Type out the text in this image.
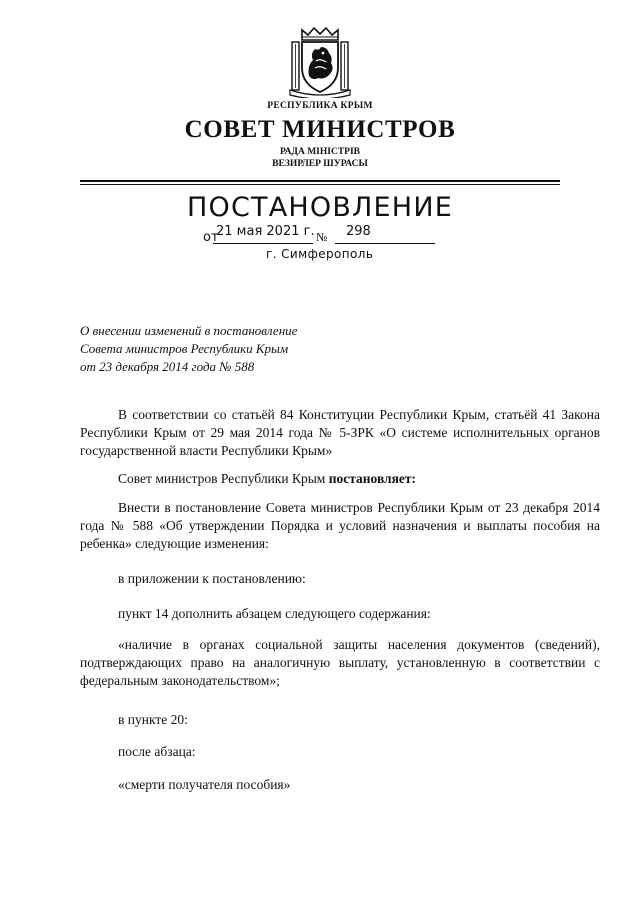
РЕСПУБЛИКА КРЫМ
СОВЕТ МИНИСТРОВ
РАДА МІНІСТРІВ
ВЕЗИРЛЕР ШУРАСЫ
ПОСТАНОВЛЕНИЕ
от
21 мая 2021 г. № 298
г. Симферополь
О внесении изменений в постановление
Совета министров Республики Крым
от 23 декабря 2014 года № 588

В соответствии со статьёй 84 Конституции Республики Крым, статьёй 41 Закона Республики Крым от 29 мая 2014 года № 5-ЗРК «О системе исполнительных органов государственной власти Республики Крым»

Совет министров Республики Крым постановляет:

Внести в постановление Совета министров Республики Крым от 23 декабря 2014 года № 588 «Об утверждении Порядка и условий назначения и выплаты пособия на ребенка» следующие изменения:

в приложении к постановлению:

пункт 14 дополнить абзацем следующего содержания:

«наличие в органах социальной защиты населения документов (сведений), подтверждающих право на аналогичную выплату, установленную в соответствии с федеральным законодательством»;

в пункте 20:

после абзаца:

«смерти получателя пособия»
